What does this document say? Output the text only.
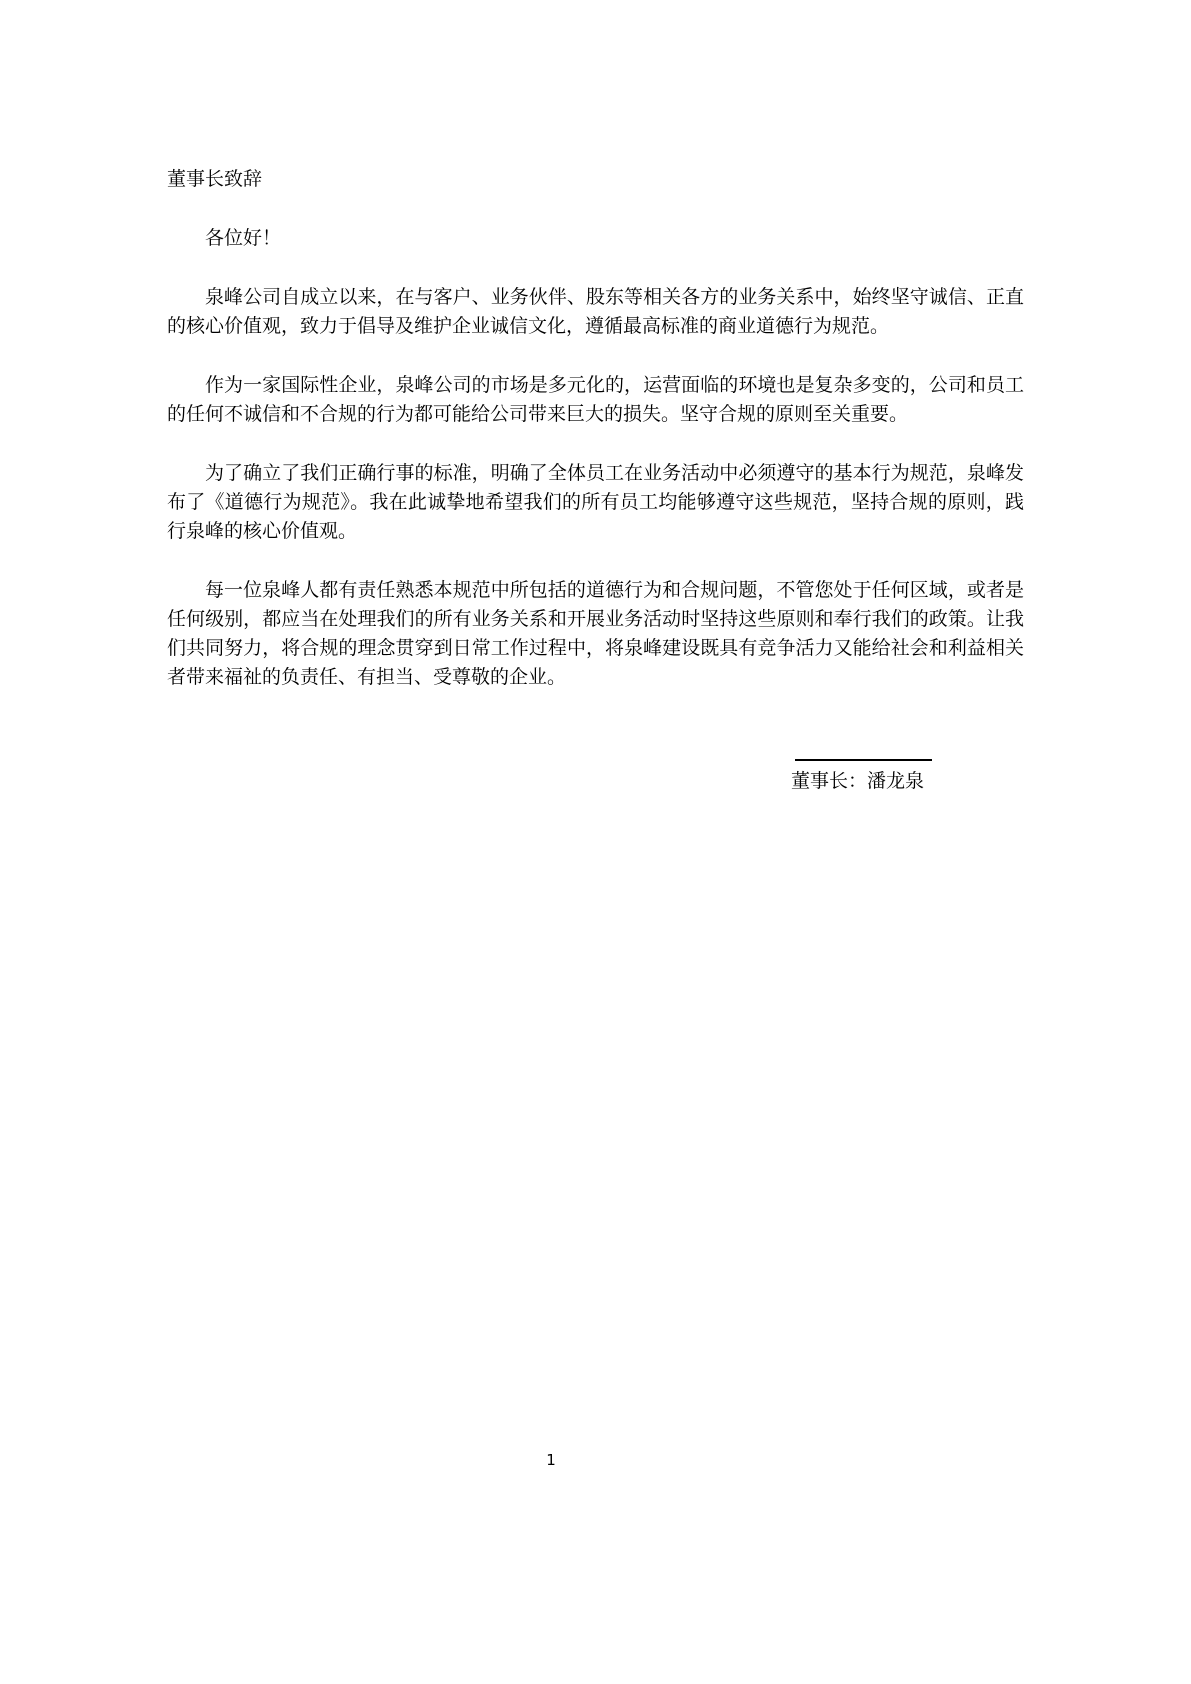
董事长致辞
各位好！
泉峰公司自成立以来，在与客户、业务伙伴、股东等相关各方的业务关系中，始终坚守诚信、正直的核心价值观，致力于倡导及维护企业诚信文化，遵循最高标准的商业道德行为规范。
作为一家国际性企业，泉峰公司的市场是多元化的，运营面临的环境也是复杂多变的，公司和员工的任何不诚信和不合规的行为都可能给公司带来巨大的损失。坚守合规的原则至关重要。
为了确立了我们正确行事的标准，明确了全体员工在业务活动中必须遵守的基本行为规范，泉峰发布了《道德行为规范》。我在此诚挚地希望我们的所有员工均能够遵守这些规范，坚持合规的原则，践行泉峰的核心价值观。
每一位泉峰人都有责任熟悉本规范中所包括的道德行为和合规问题，不管您处于任何区域，或者是任何级别，都应当在处理我们的所有业务关系和开展业务活动时坚持这些原则和奉行我们的政策。让我们共同努力，将合规的理念贯穿到日常工作过程中，将泉峰建设既具有竞争活力又能给社会和利益相关者带来福祉的负责任、有担当、受尊敬的企业。
董事长：潘龙泉
1
